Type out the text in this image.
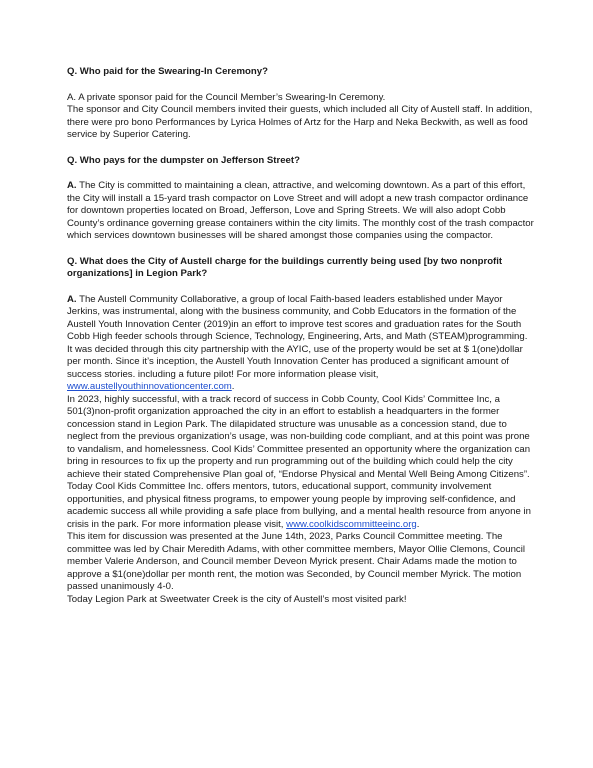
Q. Who paid for the Swearing-In Ceremony?

A. A private sponsor paid for the Council Member’s Swearing-In Ceremony.

The sponsor and City Council members invited their guests, which included all City of Austell staff. In addition, there were pro bono Performances by Lyrica Holmes of Artz for the Harp and Neka Beckwith, as well as food service by Superior Catering.

Q. Who pays for the dumpster on Jefferson Street?

A. The City is committed to maintaining a clean, attractive, and welcoming downtown. As a part of this effort, the City will install a 15-yard trash compactor on Love Street and will adopt a new trash compactor ordinance for downtown properties located on Broad, Jefferson, Love and Spring Streets. We will also adopt Cobb County’s ordinance governing grease containers within the city limits. The monthly cost of the trash compactor which services downtown businesses will be shared amongst those companies using the compactor.

Q. What does the City of Austell charge for the buildings currently being used [by two nonprofit organizations] in Legion Park?

A. The Austell Community Collaborative, a group of local Faith-based leaders established under Mayor Jerkins, was instrumental, along with the business community, and Cobb Educators in the formation of the Austell Youth Innovation Center (2019)in an effort to improve test scores and graduation rates for the South Cobb High feeder schools through Science, Technology, Engineering, Arts, and Math (STEAM)programming. It was decided through this city partnership with the AYIC, use of the property would be set at $ 1(one)dollar per month. Since it’s inception, the Austell Youth Innovation Center has produced a significant amount of success stories. including a future pilot! For more information please visit, www.austellyouthinnovationcenter.com.

In 2023, highly successful, with a track record of success in Cobb County, Cool Kids’ Committee Inc, a 501(3)non-profit organization approached the city in an effort to establish a headquarters in the former concession stand in Legion Park. The dilapidated structure was unusable as a concession stand, due to neglect from the previous organization’s usage, was non-building code compliant, and at this point was prone to vandalism, and homelessness. Cool Kids’ Committee presented an opportunity where the organization can bring in resources to fix up the property and run programming out of the building which could help the city achieve their stated Comprehensive Plan goal of, “Endorse Physical and Mental Well Being Among Citizens”. Today Cool Kids Committee Inc. offers mentors, tutors, educational support, community involvement opportunities, and physical fitness programs, to empower young people by improving self-confidence, and academic success all while providing a safe place from bullying, and a mental health resource from anyone in crisis in the park. For more information please visit, www.coolkidscommitteeinc.org.

This item for discussion was presented at the June 14th, 2023, Parks Council Committee meeting. The committee was led by Chair Meredith Adams, with other committee members, Mayor Ollie Clemons, Council member Valerie Anderson, and Council member Deveon Myrick present. Chair Adams made the motion to approve a $1(one)dollar per month rent, the motion was Seconded, by Council member Myrick. The motion passed unanimously 4-0.

Today Legion Park at Sweetwater Creek is the city of Austell’s most visited park!
